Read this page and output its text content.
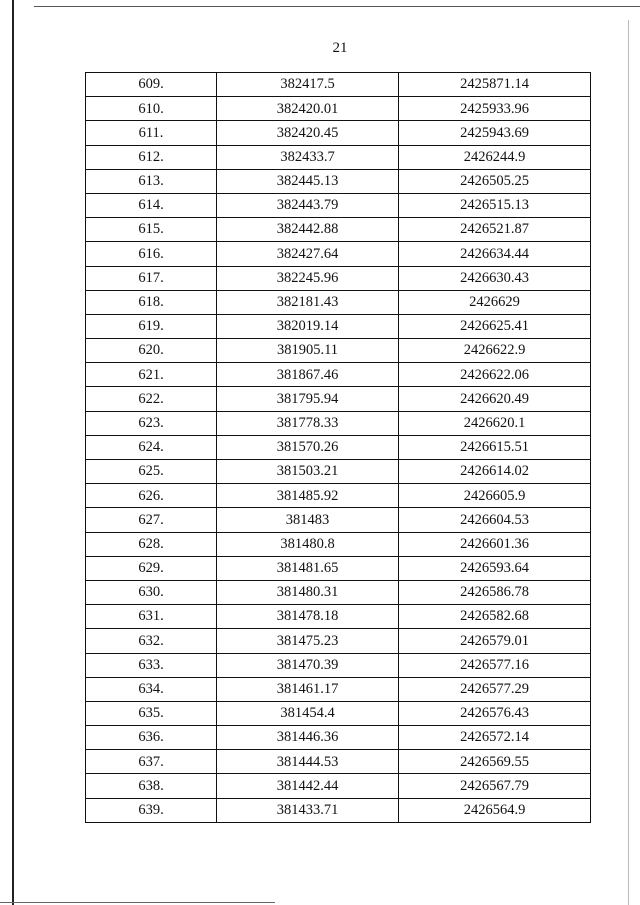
21
609.	382417.5	2425871.14
610.	382420.01	2425933.96
611.	382420.45	2425943.69
612.	382433.7	2426244.9
613.	382445.13	2426505.25
614.	382443.79	2426515.13
615.	382442.88	2426521.87
616.	382427.64	2426634.44
617.	382245.96	2426630.43
618.	382181.43	2426629
619.	382019.14	2426625.41
620.	381905.11	2426622.9
621.	381867.46	2426622.06
622.	381795.94	2426620.49
623.	381778.33	2426620.1
624.	381570.26	2426615.51
625.	381503.21	2426614.02
626.	381485.92	2426605.9
627.	381483	2426604.53
628.	381480.8	2426601.36
629.	381481.65	2426593.64
630.	381480.31	2426586.78
631.	381478.18	2426582.68
632.	381475.23	2426579.01
633.	381470.39	2426577.16
634.	381461.17	2426577.29
635.	381454.4	2426576.43
636.	381446.36	2426572.14
637.	381444.53	2426569.55
638.	381442.44	2426567.79
639.	381433.71	2426564.9
